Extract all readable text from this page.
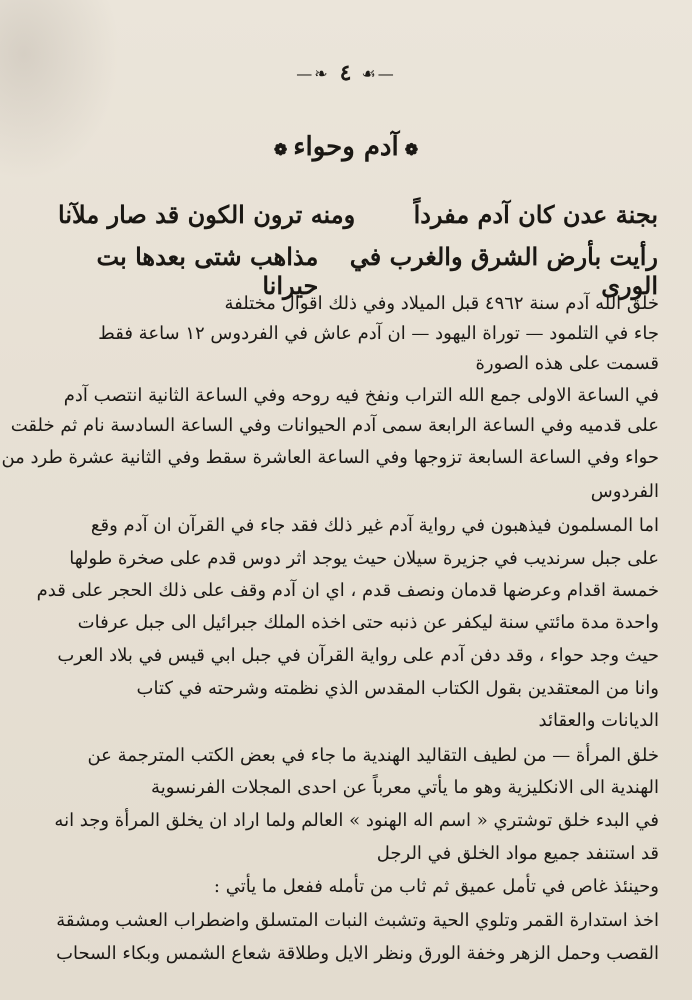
—❧ ٤ ☙—
❁آدم وحواء❁
بجنة عدن كان آدم مفرداً
ومنه ترون الكون قد صار ملآنا
رأيت بأرض الشرق والغرب في الورى
مذاهب شتى بعدها بت حيرانا
خلق الله آدم سنة ٤٩٦٢ قبل الميلاد وفي ذلك اقوال مختلفة
جاء في التلمود — توراة اليهود — ان آدم عاش في الفردوس ١٢ ساعة فقط
قسمت على هذه الصورة
في الساعة الاولى جمع الله التراب ونفخ فيه روحه وفي الساعة الثانية انتصب آدم
على قدميه وفي الساعة الرابعة سمى آدم الحيوانات وفي الساعة السادسة نام ثم خلقت
حواء وفي الساعة السابعة تزوجها وفي الساعة العاشرة سقط وفي الثانية عشرة طرد من
الفردوس
اما المسلمون فيذهبون في رواية آدم غير ذلك فقد جاء في القرآن ان آدم وقع
على جبل سرنديب في جزيرة سيلان حيث يوجد اثر دوس قدم على صخرة طولها
خمسة اقدام وعرضها قدمان ونصف قدم ، اي ان آدم وقف على ذلك الحجر على قدم
واحدة مدة مائتي سنة ليكفر عن ذنبه حتى اخذه الملك جبرائيل الى جبل عرفات
حيث وجد حواء ، وقد دفن آدم على رواية القرآن في جبل ابي قيس في بلاد العرب
وانا من المعتقدين بقول الكتاب المقدس الذي نظمته وشرحته في كتاب
الديانات والعقائد
خلق المرأة — من لطيف التقاليد الهندية ما جاء في بعض الكتب المترجمة عن
الهندية الى الانكليزية وهو ما يأتي معرباً عن احدى المجلات الفرنسوية
في البدء خلق توشتري « اسم اله الهنود » العالم ولما اراد ان يخلق المرأة وجد انه
قد استنفد جميع مواد الخلق في الرجل
وحينئذ غاص في تأمل عميق ثم ثاب من تأمله ففعل ما يأتي :
اخذ استدارة القمر وتلوي الحية وتشبث النبات المتسلق واضطراب العشب ومشقة
القصب وحمل الزهر وخفة الورق ونظر الايل وطلاقة شعاع الشمس وبكاء السحاب
